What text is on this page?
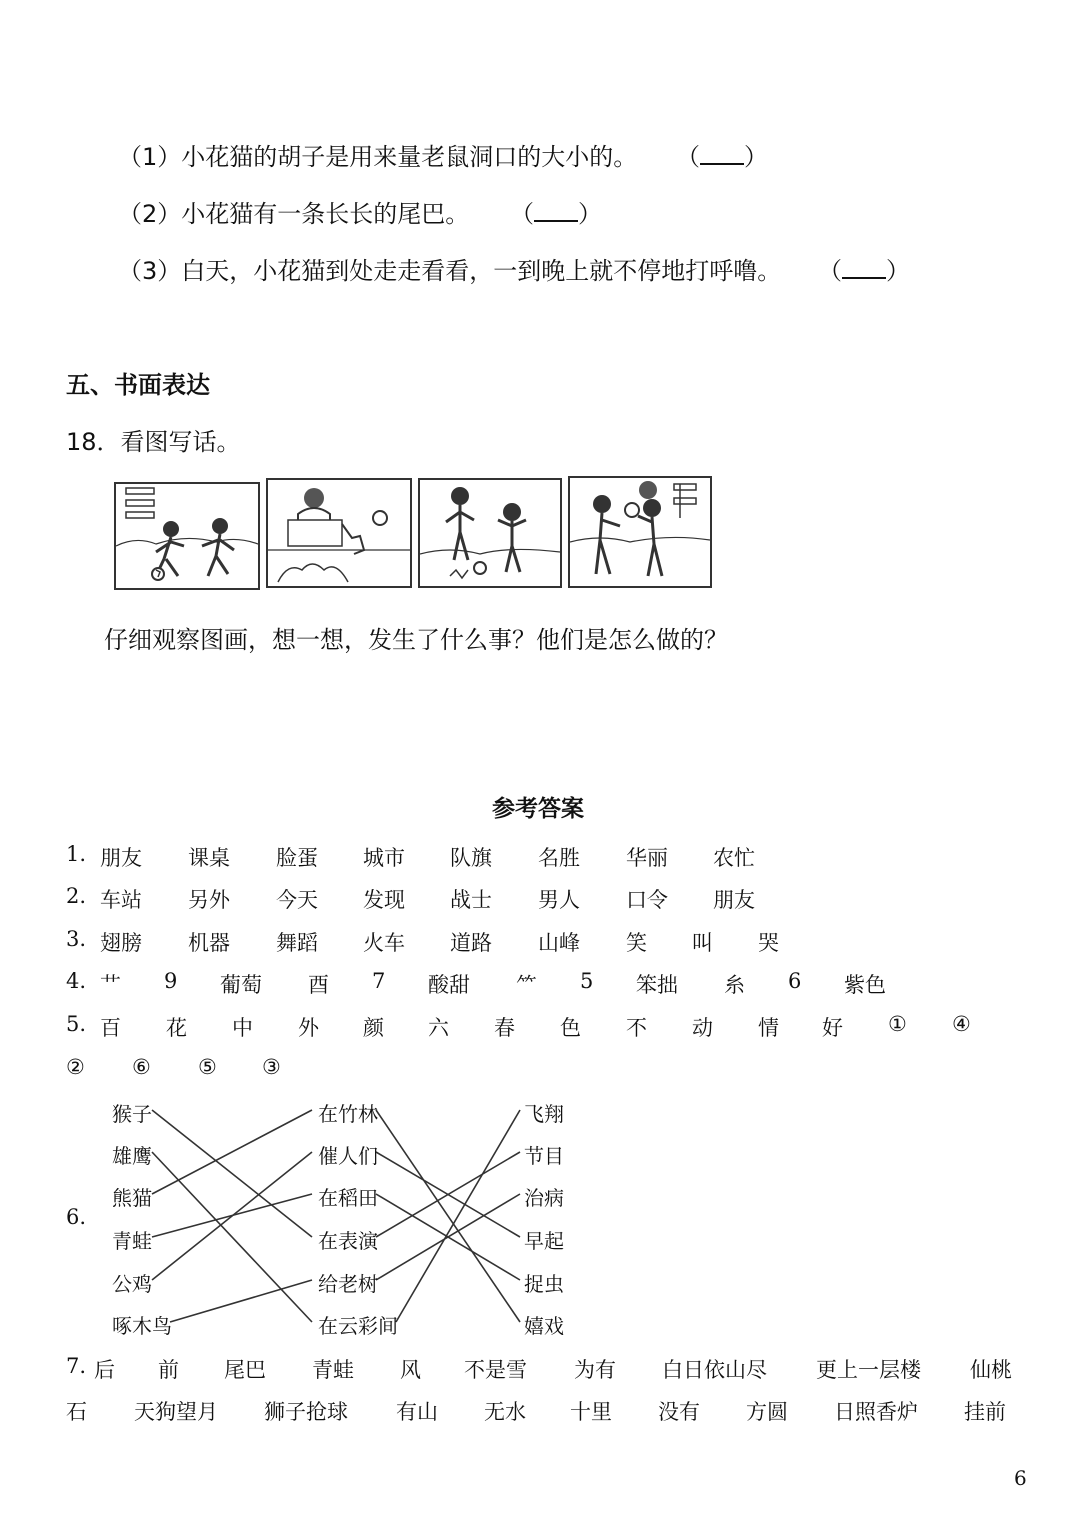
（1）小花猫的胡子是用来量老鼠洞口的大小的。 （ ）
（2）小花猫有一条长长的尾巴。 （ ）
（3）白天，小花猫到处走走看看，一到晚上就不停地打呼噜。 （ ）
五、书面表达
18．看图写话。
仔细观察图画，想一想，发生了什么事？他们是怎么做的？
参考答案
1. 朋友 课桌 脸蛋 城市 队旗 名胜 华丽 农忙
2. 车站 另外 今天 发现 战士 男人 口令 朋友
3. 翅膀 机器 舞蹈 火车 道路 山峰 笑 叫 哭
4. 艹 9 葡萄 酉 7 酸甜 ⺮ 5 笨拙 糸 6 紫色
5. 百 花 中 外 颜 六 春 色 不 动 情 好 ① ④
② ⑥ ⑤ ③
6.
猴子
雄鹰
熊猫
青蛙
公鸡
啄木鸟
在竹林
催人们
在稻田
在表演
给老树
在云彩间
飞翔
节目
治病
早起
捉虫
嬉戏
7. 后 前 尾巴 青蛙 风 不是雪 为有 白日依山尽 更上一层楼 仙桃
石 天狗望月 狮子抢球 有山 无水 十里 没有 方圆 日照香炉 挂前
6
